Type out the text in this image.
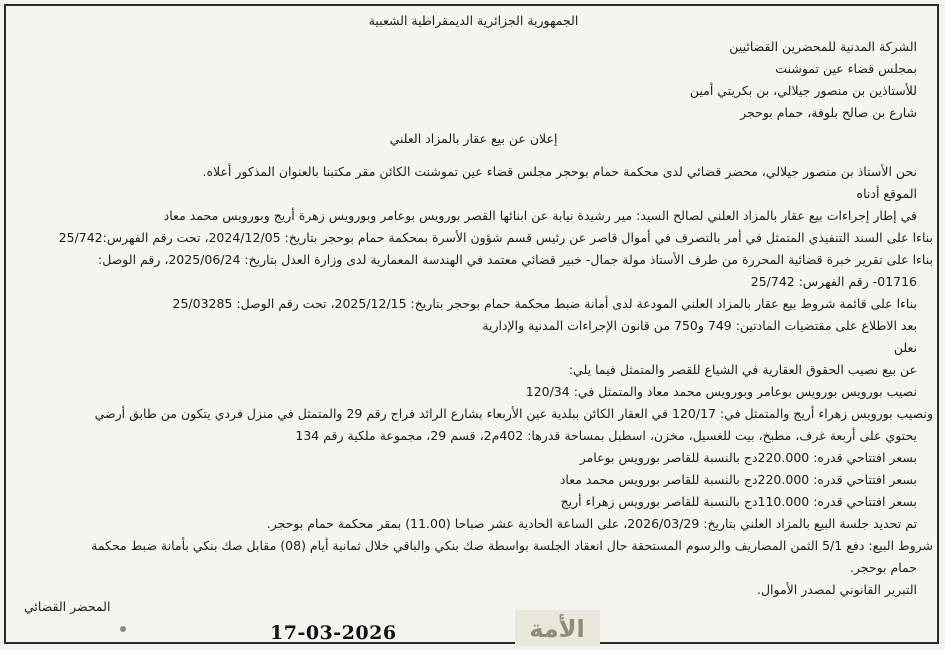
الجمهورية الجزائرية الديمقراطية الشعبية
الشركة المدنية للمحضرين القضائيين
بمجلس قضاء عين تموشنت
للأستاذين بن منصور جيلالي، بن بكريتي أمين
شارع بن صالح بلوفة، حمام بوحجر
إعلان عن بيع عقار بالمزاد العلني
نحن الأستاذ بن منصور جيلالي، محضر قضائي لدى محكمة حمام بوحجر مجلس قضاء عين تموشنت الكائن مقر مكتبنا بالعنوان المذكور أعلاه.
الموقع أدناه
في إطار إجراءات بيع عقار بالمزاد العلني لصالح السيد: مير رشيدة نيابة عن ابنائها القصر بورويس بوعامر وبورويس زهرة أريج وبورويس محمد معاد
بناءا على السند التنفيذي المتمثل في أمر بالتصرف في أموال قاصر عن رئيس قسم شؤون الأسرة بمحكمة حمام بوحجر بتاريخ: 2024/12/05، تحت رقم الفهرس:25/742
بناءا على تقرير خبرة قضائية المحررة من طرف الأستاذ مولة جمال- خبير قضائي معتمد في الهندسة المعمارية لدى وزارة العدل بتاريخ: 2025/06/24، رقم الوصل:
01716- رقم الفهرس: 25/742
بناءا على قائمة شروط بيع عقار بالمزاد العلني المودعة لدى أمانة ضبط محكمة حمام بوحجر بتاريخ: 2025/12/15، تحت رقم الوصل: 25/03285
بعد الاطلاع على مقتضيات المادتين: 749 و750 من قانون الإجراءات المدنية والإدارية
نعلن
عن بيع نصيب الحقوق العقارية في الشياع للقصر والمتمثل فيما يلي:
نصيب بورويس بورويس بوعامر وبورويس محمد معاد والمتمثل في: 120/34
ونصيب بورويس زهراء أريج والمتمثل في: 120/17 في العقار الكائن ببلدية عين الأربعاء بشارع الرائد فراج رقم 29 والمتمثل في منزل فردي يتكون من طابق أرضي
يحتوي على أربعة غرف، مطبخ، بيت للغسيل، مخزن، اسطبل بمساحة قدرها: 402م2، قسم 29، مجموعة ملكية رقم 134
بسعر افتتاحي قدره: 220.000دج بالنسبة للقاصر بورويس بوعامر
بسعر افتتاحي قدره: 220.000دج بالنسبة للقاصر بورويس محمد معاد
بسعر افتتاحي قدره: 110.000دج بالنسبة للقاصر بورويس زهراء أريج
تم تحديد جلسة البيع بالمزاد العلني بتاريخ: 2026/03/29، على الساعة الحادية عشر صباحا (11.00) بمقر محكمة حمام بوحجر.
شروط البيع: دفع 5/1 الثمن المصاريف والرسوم المستحقة حال انعقاد الجلسة بواسطة صك بنكي والباقي خلال ثمانية أيام (08) مقابل صك بنكي بأمانة ضبط محكمة
حمام بوحجر.
التبرير القانوني لمصدر الأموال.
المحضر القضائي
17-03-2026	الأمة
